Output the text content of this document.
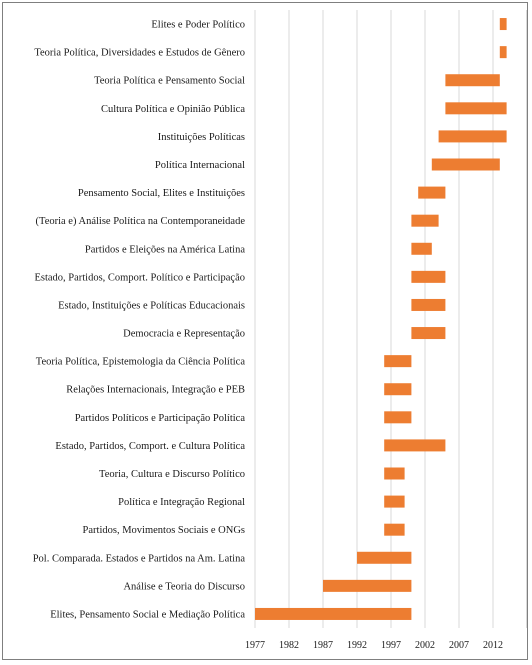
Elites e Poder Político
Teoria Política, Diversidades e Estudos de Gênero
Teoria Política e Pensamento Social
Cultura Política e Opinião Pública
Instituições Políticas
Política Internacional
Pensamento Social, Elites e Instituições
(Teoria e) Análise Política na Contemporaneidade
Partidos e Eleições na América Latina
Estado, Partidos, Comport. Político e Participação
Estado, Instituições e Políticas Educacionais
Democracia e Representação
Teoria Política, Epistemologia da Ciência Política
Relações Internacionais, Integração e PEB
Partidos Políticos e Participação Política
Estado, Partidos, Comport. e Cultura Política
Teoria, Cultura e Discurso Político
Política e Integração Regional
Partidos, Movimentos Sociais e ONGs
Pol. Comparada. Estados e Partidos na Am. Latina
Análise e Teoria do Discurso
Elites, Pensamento Social e Mediação Política
1977 1982 1987 1992 1997 2002 2007 2012
